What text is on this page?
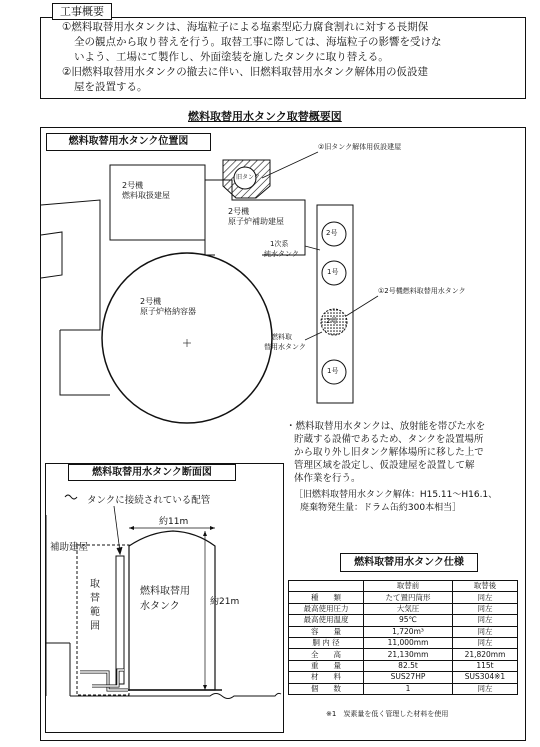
工事概要
①燃料取替用水タンクは、海塩粒子による塩素型応力腐食割れに対する長期保
全の観点から取り替えを行う。取替工事に際しては、海塩粒子の影響を受けな
いよう、工場にて製作し、外面塗装を施したタンクに取り替える。
②旧燃料取替用水タンクの撤去に伴い、旧燃料取替用水タンク解体用の仮設建
屋を設置する。
燃料取替用水タンク取替概要図
燃料取替用水タンク位置図
旧タンク
②旧タンク解体用仮設建屋
2号機
燃料取扱建屋
2号機
原子炉補助建屋
2号機
原子炉格納容器
1次系
純水タンク
燃料取
替用水タンク
2号
1号
2号
1号
①2号機燃料取替用水タンク
・燃料取替用水タンクは、放射能を帯びた水を
貯蔵する設備であるため、タンクを設置場所
から取り外し旧タンク解体場所に移した上で
管理区域を設定し、仮設建屋を設置して解
体作業を行う。
［旧燃料取替用水タンク解体：H15.11～H16.1、
廃棄物発生量：ドラム缶約300本相当］
燃料取替用水タンク断面図
タンクに接続されている配管
約11m
約21m
補助建屋
取替範囲
燃料取替用
水タンク
燃料取替用水タンク仕様
	取替前	取替後
種　　類	たて置円筒形	同左
最高使用圧力	大気圧	同左
最高使用温度	95℃	同左
容　　量	1,720m³	同左
胴 内 径	11,000mm	同左
全　　高	21,130mm	21,820mm
重　　量	82.5t	115t
材　　料	SUS27HP	SUS304※1
個　　数	1	同左
※1　炭素量を低く管理した材料を使用
